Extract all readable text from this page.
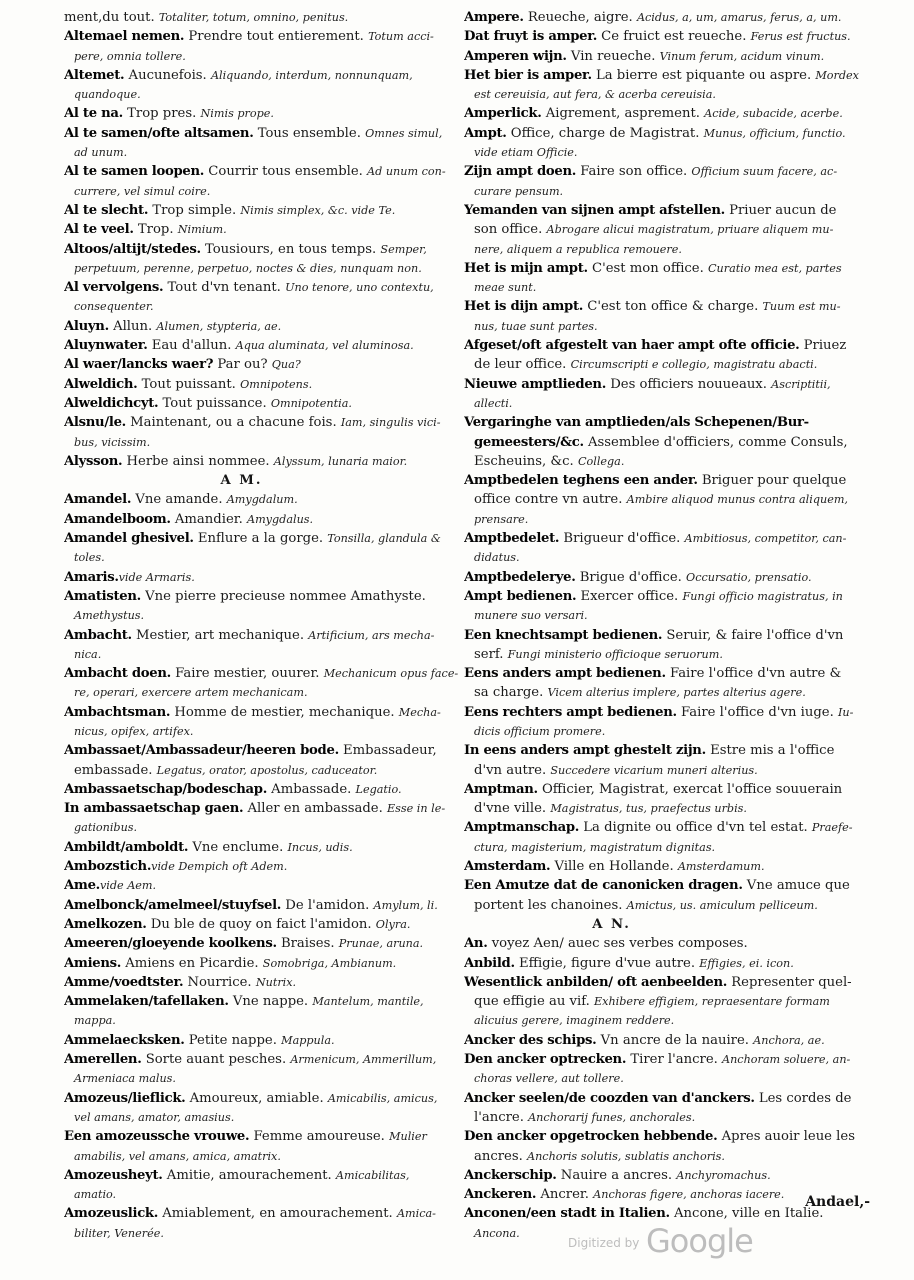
ment,du tout. Totaliter, totum, omnino, penitus.
Altemael nemen. Prendre tout entierement. Totum acci-
pere, omnia tollere.
Altemet. Aucunefois. Aliquando, interdum, nonnunquam,
quandoque.
Al te na. Trop pres. Nimis prope.
Al te samen/ofte altsamen. Tous ensemble. Omnes simul,
ad unum.
Al te samen loopen. Courrir tous ensemble. Ad unum con-
currere, vel simul coire.
Al te slecht. Trop simple. Nimis simplex, &c. vide Te.
Al te veel. Trop. Nimium.
Altoos/altijt/stedes. Tousiours, en tous temps. Semper,
perpetuum, perenne, perpetuo, noctes & dies, nunquam non.
Al vervolgens. Tout d'vn tenant. Uno tenore, uno contextu,
consequenter.
Aluyn. Allun. Alumen, stypteria, ae.
Aluynwater. Eau d'allun. Aqua aluminata, vel aluminosa.
Al waer/lancks waer? Par ou? Qua?
Alweldich. Tout puissant. Omnipotens.
Alweldichcyt. Tout puissance. Omnipotentia.
Alsnu/le. Maintenant, ou a chacune fois. Iam, singulis vici-
bus, vicissim.
Alysson. Herbe ainsi nommee. Alyssum, lunaria maior.
A M.
Amandel. Vne amande. Amygdalum.
Amandelboom. Amandier. Amygdalus.
Amandel ghesivel. Enflure a la gorge. Tonsilla, glandula &
toles.
Amaris.vide Armaris.
Amatisten. Vne pierre precieuse nommee Amathyste.
Amethystus.
Ambacht. Mestier, art mechanique. Artificium, ars mecha-
nica.
Ambacht doen. Faire mestier, ouurer. Mechanicum opus face-
re, operari, exercere artem mechanicam.
Ambachtsman. Homme de mestier, mechanique. Mecha-
nicus, opifex, artifex.
Ambassaet/Ambassadeur/heeren bode. Embassadeur,
embassade. Legatus, orator, apostolus, caduceator.
Ambassaetschap/bodeschap. Ambassade. Legatio.
In ambassaetschap gaen. Aller en ambassade. Esse in le-
gationibus.
Ambildt/amboldt. Vne enclume. Incus, udis.
Ambozstich.vide Dempich oft Adem.
Ame.vide Aem.
Amelbonck/amelmeel/stuyfsel. De l'amidon. Amylum, li.
Amelkozen. Du ble de quoy on faict l'amidon. Olyra.
Ameeren/gloeyende koolkens. Braises. Prunae, aruna.
Amiens. Amiens en Picardie. Somobriga, Ambianum.
Amme/voedtster. Nourrice. Nutrix.
Ammelaken/tafellaken. Vne nappe. Mantelum, mantile,
mappa.
Ammelaecksken. Petite nappe. Mappula.
Amerellen. Sorte auant pesches. Armenicum, Ammerillum,
Armeniaca malus.
Amozeus/lieflick. Amoureux, amiable. Amicabilis, amicus,
vel amans, amator, amasius.
Een amozeussche vrouwe. Femme amoureuse. Mulier
amabilis, vel amans, amica, amatrix.
Amozeusheyt. Amitie, amourachement. Amicabilitas,
amatio.
Amozeuslick. Amiablement, en amourachement. Amica-
biliter, Venerée.
Ampere. Reueche, aigre. Acidus, a, um, amarus, ferus, a, um.
Dat fruyt is amper. Ce fruict est reueche. Ferus est fructus.
Amperen wijn. Vin reueche. Vinum ferum, acidum vinum.
Het bier is amper. La bierre est piquante ou aspre. Mordex
est cereuisia, aut fera, & acerba cereuisia.
Amperlick. Aigrement, asprement. Acide, subacide, acerbe.
Ampt. Office, charge de Magistrat. Munus, officium, functio.
vide etiam Officie.
Zijn ampt doen. Faire son office. Officium suum facere, ac-
curare pensum.
Yemanden van sijnen ampt afstellen. Priuer aucun de
son office. Abrogare alicui magistratum, priuare aliquem mu-
nere, aliquem a republica remouere.
Het is mijn ampt. C'est mon office. Curatio mea est, partes
meae sunt.
Het is dijn ampt. C'est ton office & charge. Tuum est mu-
nus, tuae sunt partes.
Afgeset/oft afgestelt van haer ampt ofte officie. Priuez
de leur office. Circumscripti e collegio, magistratu abacti.
Nieuwe amptlieden. Des officiers nouueaux. Ascriptitii,
allecti.
Vergaringhe van amptlieden/als Schepenen/Bur-
gemeesters/&c. Assemblee d'officiers, comme Consuls,
Escheuins, &c. Collega.
Amptbedelen teghens een ander. Briguer pour quelque
office contre vn autre. Ambire aliquod munus contra aliquem,
prensare.
Amptbedelet. Brigueur d'office. Ambitiosus, competitor, can-
didatus.
Amptbedelerye. Brigue d'office. Occursatio, prensatio.
Ampt bedienen. Exercer office. Fungi officio magistratus, in
munere suo versari.
Een knechtsampt bedienen. Seruir, & faire l'office d'vn
serf. Fungi ministerio officioque seruorum.
Eens anders ampt bedienen. Faire l'office d'vn autre &
sa charge. Vicem alterius implere, partes alterius agere.
Eens rechters ampt bedienen. Faire l'office d'vn iuge. Iu-
dicis officium promere.
In eens anders ampt ghestelt zijn. Estre mis a l'office
d'vn autre. Succedere vicarium muneri alterius.
Amptman. Officier, Magistrat, exercat l'office souuerain
d'vne ville. Magistratus, tus, praefectus urbis.
Amptmanschap. La dignite ou office d'vn tel estat. Praefe-
ctura, magisterium, magistratum dignitas.
Amsterdam. Ville en Hollande. Amsterdamum.
Een Amutze dat de canonicken dragen. Vne amuce que
portent les chanoines. Amictus, us. amiculum pelliceum.
A N.
An. voyez Aen/ auec ses verbes composes.
Anbild. Effigie, figure d'vue autre. Effigies, ei. icon.
Wesentlick anbilden/ oft aenbeelden. Representer quel-
que effigie au vif. Exhibere effigiem, repraesentare formam
alicuius gerere, imaginem reddere.
Ancker des schips. Vn ancre de la nauire. Anchora, ae.
Den ancker optrecken. Tirer l'ancre. Anchoram soluere, an-
choras vellere, aut tollere.
Ancker seelen/de coozden van d'anckers. Les cordes de
l'ancre. Anchorarij funes, anchorales.
Den ancker opgetrocken hebbende. Apres auoir leue les
ancres. Anchoris solutis, sublatis anchoris.
Anckerschip. Nauire a ancres. Anchyromachus.
Anckeren. Ancrer. Anchoras figere, anchoras iacere.
Anconen/een stadt in Italien. Ancone, ville en Italie.
Ancona.
Andael,-
Digitized by Google
